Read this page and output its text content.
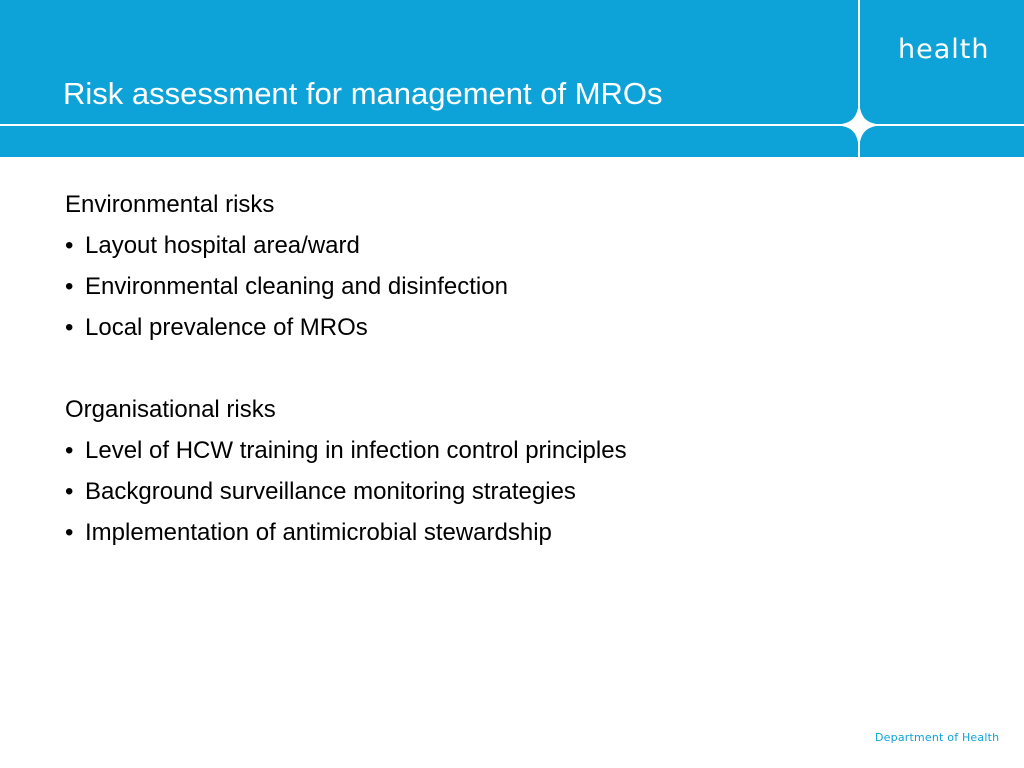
health
Risk assessment for management of MROs
Environmental risks
• Layout hospital area/ward
• Environmental cleaning and disinfection
• Local prevalence of MROs
Organisational risks
• Level of HCW training in infection control principles
• Background surveillance monitoring strategies
• Implementation of antimicrobial stewardship
Department of Health
